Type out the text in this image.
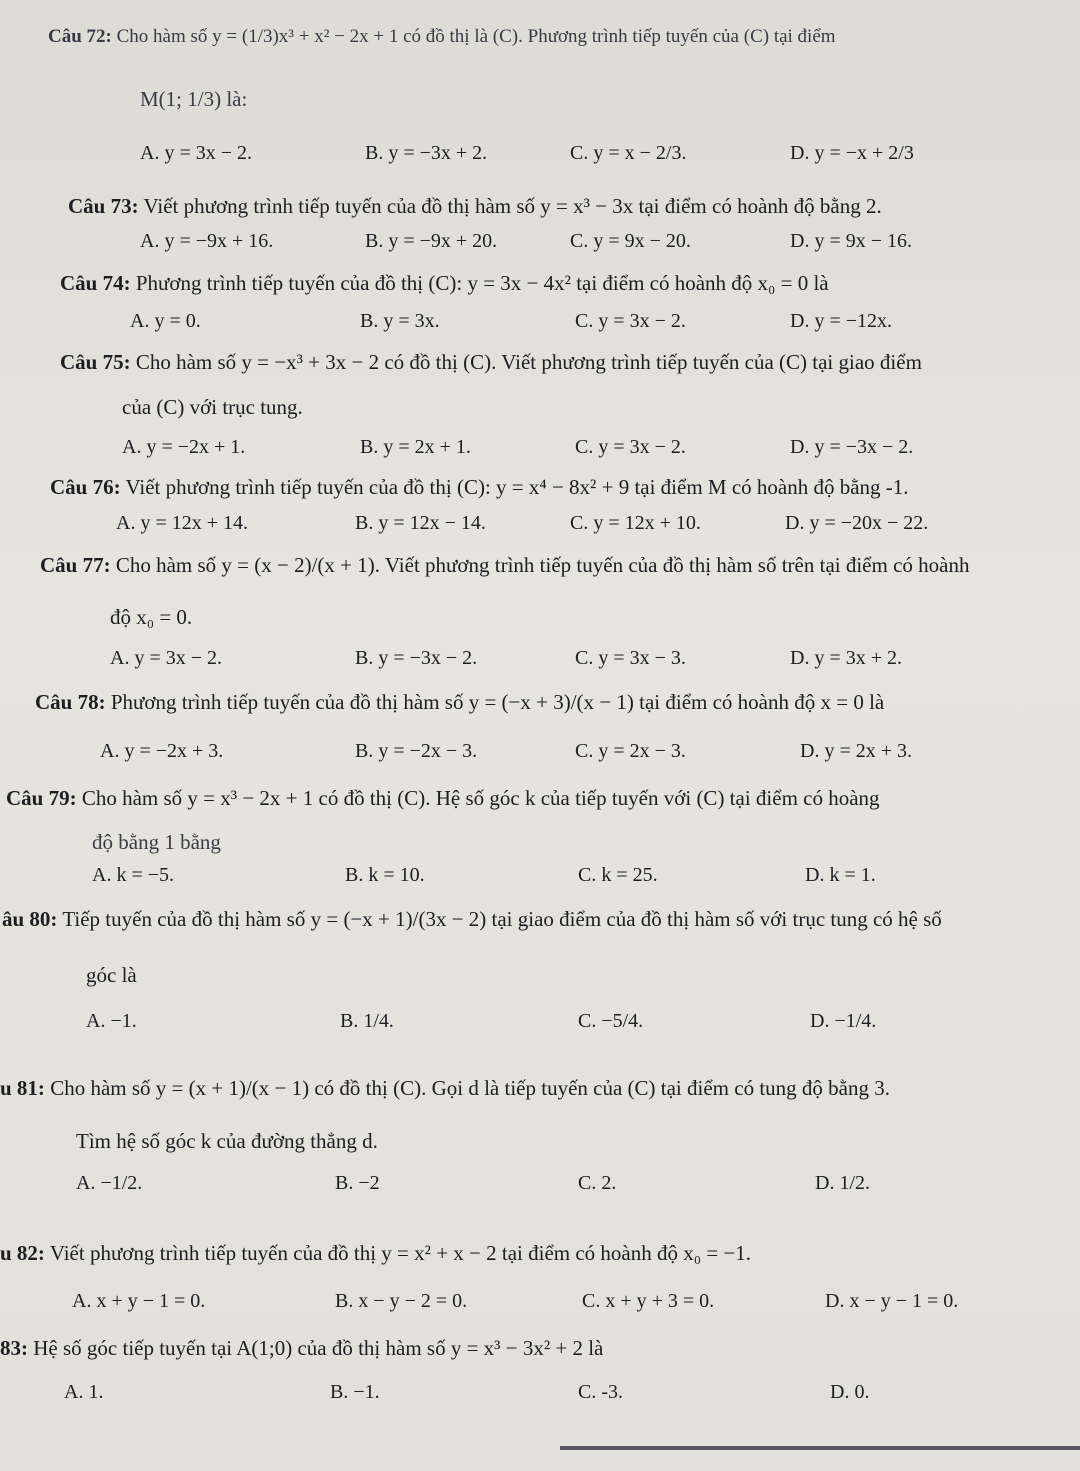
Câu 72: Cho hàm số y = (1/3)x³ + x² − 2x + 1 có đồ thị là (C). Phương trình tiếp tuyến của (C) tại điểm
M(1; 1/3) là:
A. y = 3x − 2.	B. y = −3x + 2.	C. y = x − 2/3.	D. y = −x + 2/3
Câu 73: Viết phương trình tiếp tuyến của đồ thị hàm số y = x³ − 3x tại điểm có hoành độ bằng 2.
A. y = −9x + 16.	B. y = −9x + 20.	C. y = 9x − 20.	D. y = 9x − 16.
Câu 74: Phương trình tiếp tuyến của đồ thị (C): y = 3x − 4x² tại điểm có hoành độ x₀ = 0 là
A. y = 0.	B. y = 3x.	C. y = 3x − 2.	D. y = −12x.
Câu 75: Cho hàm số y = −x³ + 3x − 2 có đồ thị (C). Viết phương trình tiếp tuyến của (C) tại giao điểm
của (C) với trục tung.
A. y = −2x + 1.	B. y = 2x + 1.	C. y = 3x − 2.	D. y = −3x − 2.
Câu 76: Viết phương trình tiếp tuyến của đồ thị (C): y = x⁴ − 8x² + 9 tại điểm M có hoành độ bằng -1.
A. y = 12x + 14.	B. y = 12x − 14.	C. y = 12x + 10.	D. y = −20x − 22.
Câu 77: Cho hàm số y = (x − 2)/(x + 1). Viết phương trình tiếp tuyến của đồ thị hàm số trên tại điểm có hoành
độ x₀ = 0.
A. y = 3x − 2.	B. y = −3x − 2.	C. y = 3x − 3.	D. y = 3x + 2.
Câu 78: Phương trình tiếp tuyến của đồ thị hàm số y = (−x + 3)/(x − 1) tại điểm có hoành độ x = 0 là
A. y = −2x + 3.	B. y = −2x − 3.	C. y = 2x − 3.	D. y = 2x + 3.
Câu 79: Cho hàm số y = x³ − 2x + 1 có đồ thị (C). Hệ số góc k của tiếp tuyến với (C) tại điểm có hoàng
độ bằng 1 bằng
A. k = −5.	B. k = 10.	C. k = 25.	D. k = 1.
âu 80: Tiếp tuyến của đồ thị hàm số y = (−x + 1)/(3x − 2) tại giao điểm của đồ thị hàm số với trục tung có hệ số
góc là
A. −1.	B. 1/4.	C. −5/4.	D. −1/4.
u 81: Cho hàm số y = (x + 1)/(x − 1) có đồ thị (C). Gọi d là tiếp tuyến của (C) tại điểm có tung độ bằng 3.
Tìm hệ số góc k của đường thẳng d.
A. −1/2.	B. −2	C. 2.	D. 1/2.
u 82: Viết phương trình tiếp tuyến của đồ thị y = x² + x − 2 tại điểm có hoành độ x₀ = −1.
A. x + y − 1 = 0.	B. x − y − 2 = 0.	C. x + y + 3 = 0.	D. x − y − 1 = 0.
83: Hệ số góc tiếp tuyến tại A(1;0) của đồ thị hàm số y = x³ − 3x² + 2 là
A. 1.	B. −1.	C. -3.	D. 0.
